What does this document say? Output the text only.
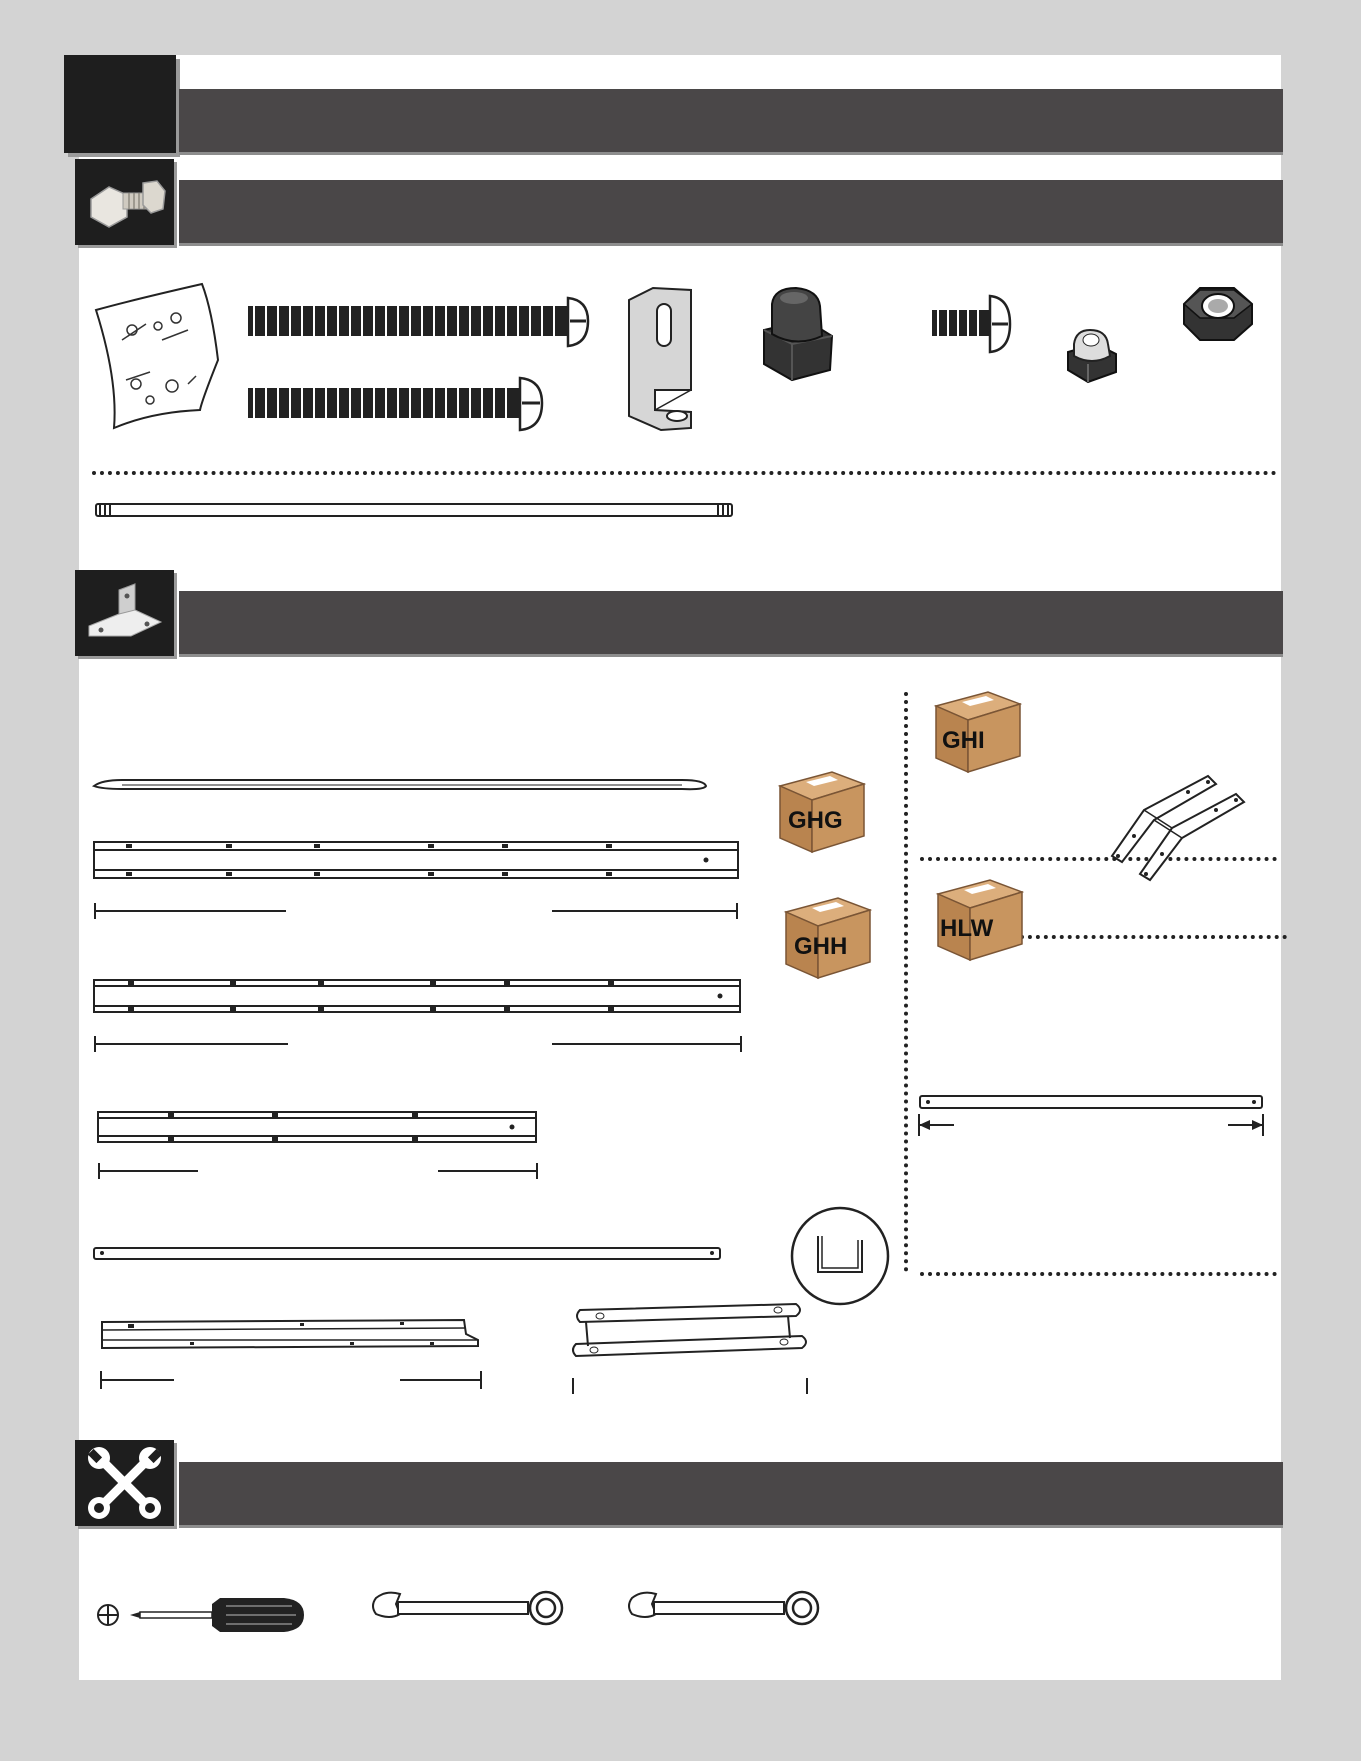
GHG
GHH
GHI
HLW
